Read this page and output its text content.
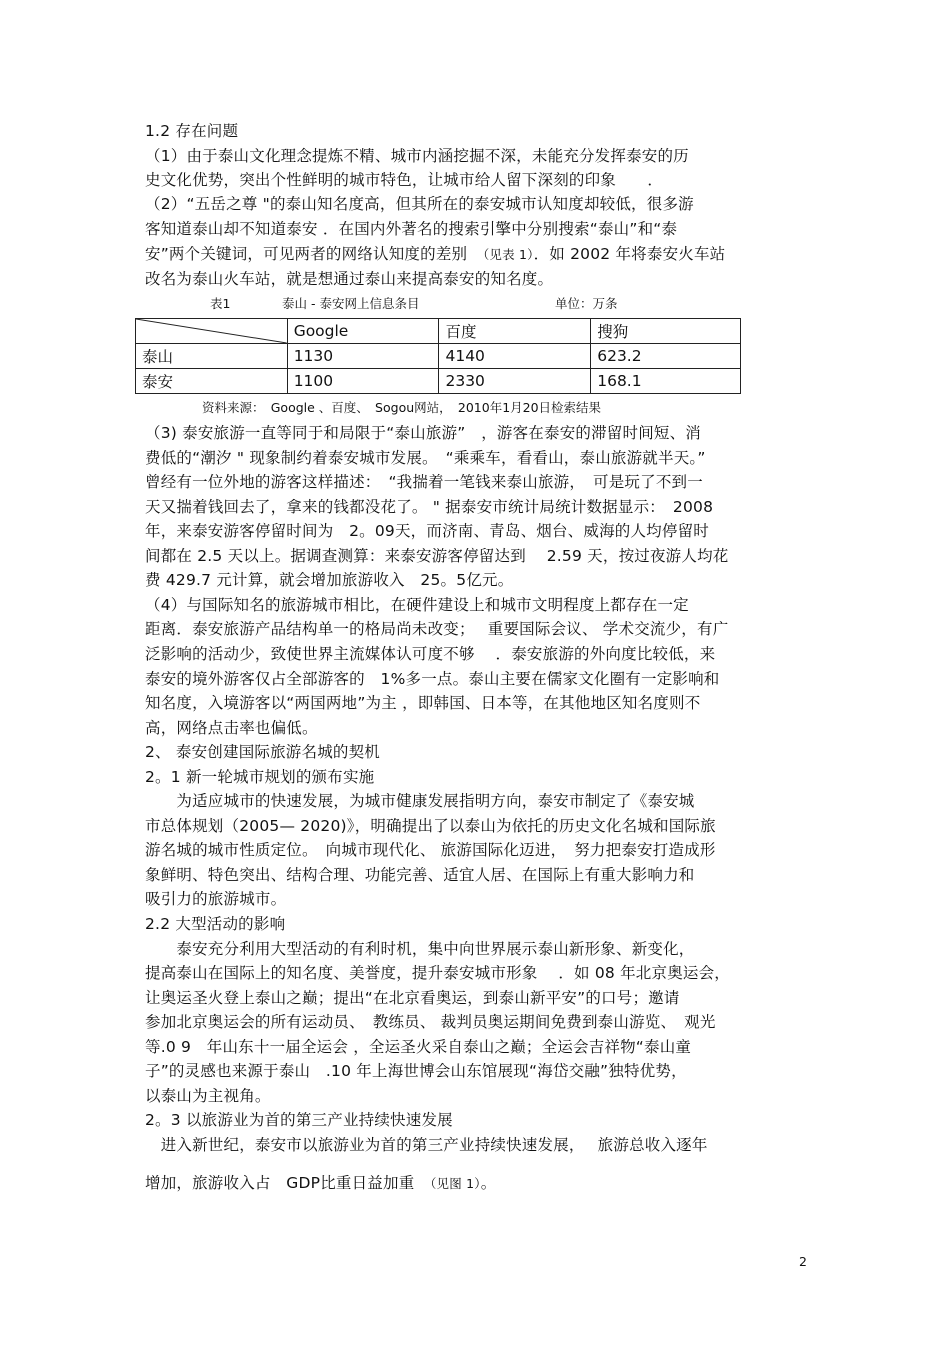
1.2 存在问题
（1）由于泰山文化理念提炼不精、城市内涵挖掘不深，未能充分发挥泰安的历
史文化优势，突出个性鲜明的城市特色，让城市给人留下深刻的印象　　．
（2）“五岳之尊 "的泰山知名度高，但其所在的泰安城市认知度却较低，很多游
客知道泰山却不知道泰安 ．在国内外著名的搜索引擎中分别搜索“泰山”和“泰
安”两个关键词，可见两者的网络认知度的差别　 （见表 1）．如 2002 年将泰安火车站
改名为泰山火车站，就是想通过泰山来提高泰安的知名度。
表1	泰山 - 泰安网上信息条目	单位：万条
	Google	百度	搜狗
泰山	1130	4140	623.2
泰安	1100	2330	168.1
资料来源：　Google 、百度、　Sogou网站，　2010年1月20日检索结果
（3) 泰安旅游一直等同于和局限于“泰山旅游”　，游客在泰安的滞留时间短、消
费低的“潮汐 " 现象制约着泰安城市发展。　“乘乘车，看看山，泰山旅游就半天。”
曾经有一位外地的游客这样描述：　“我揣着一笔钱来泰山旅游，　可是玩了不到一
天又揣着钱回去了，拿来的钱都没花了。 " 据泰安市统计局统计数据显示：　2008
年，来泰安游客停留时间为　2。09天，而济南、青岛、烟台、威海的人均停留时
间都在 2.5 天以上。据调查测算：来泰安游客停留达到　 2.59 天，按过夜游人均花
费 429.7 元计算，就会增加旅游收入　25。5亿元。
（4）与国际知名的旅游城市相比，在硬件建设上和城市文明程度上都存在一定
距离．泰安旅游产品结构单一的格局尚未改变；　 重要国际会议、 学术交流少，有广
泛影响的活动少，致使世界主流媒体认可度不够　 ．泰安旅游的外向度比较低，来
泰安的境外游客仅占全部游客的　1%多一点。泰山主要在儒家文化圈有一定影响和
知名度，入境游客以“两国两地”为主 ，即韩国、日本等，在其他地区知名度则不
高，网络点击率也偏低。
2、 泰安创建国际旅游名城的契机
2。1 新一轮城市规划的颁布实施
　　为适应城市的快速发展，为城市健康发展指明方向，泰安市制定了《泰安城
市总体规划（2005— 2020)》，明确提出了以泰山为依托的历史文化名城和国际旅
游名城的城市性质定位。　向城市现代化、 旅游国际化迈进，　努力把泰安打造成形
象鲜明、特色突出、结构合理、功能完善、适宜人居、在国际上有重大影响力和
吸引力的旅游城市。
2.2 大型活动的影响
　　泰安充分利用大型活动的有利时机，集中向世界展示泰山新形象、新变化，
提高泰山在国际上的知名度、美誉度，提升泰安城市形象　 ．如 08 年北京奥运会，
让奥运圣火登上泰山之巅；提出“在北京看奥运，到泰山新平安”的口号；邀请
参加北京奥运会的所有运动员、　教练员、 裁判员奥运期间免费到泰山游览、　观光
等.0 9　年山东十一届全运会 ，全运圣火采自泰山之巅；全运会吉祥物“泰山童
子”的灵感也来源于泰山　.10 年上海世博会山东馆展现“海岱交融”独特优势，
以泰山为主视角。
2。3 以旅游业为首的第三产业持续快速发展
　进入新世纪，泰安市以旅游业为首的第三产业持续快速发展，　 旅游总收入逐年
增加，旅游收入占　GDP比重日益加重　 （见图 1）。
2
